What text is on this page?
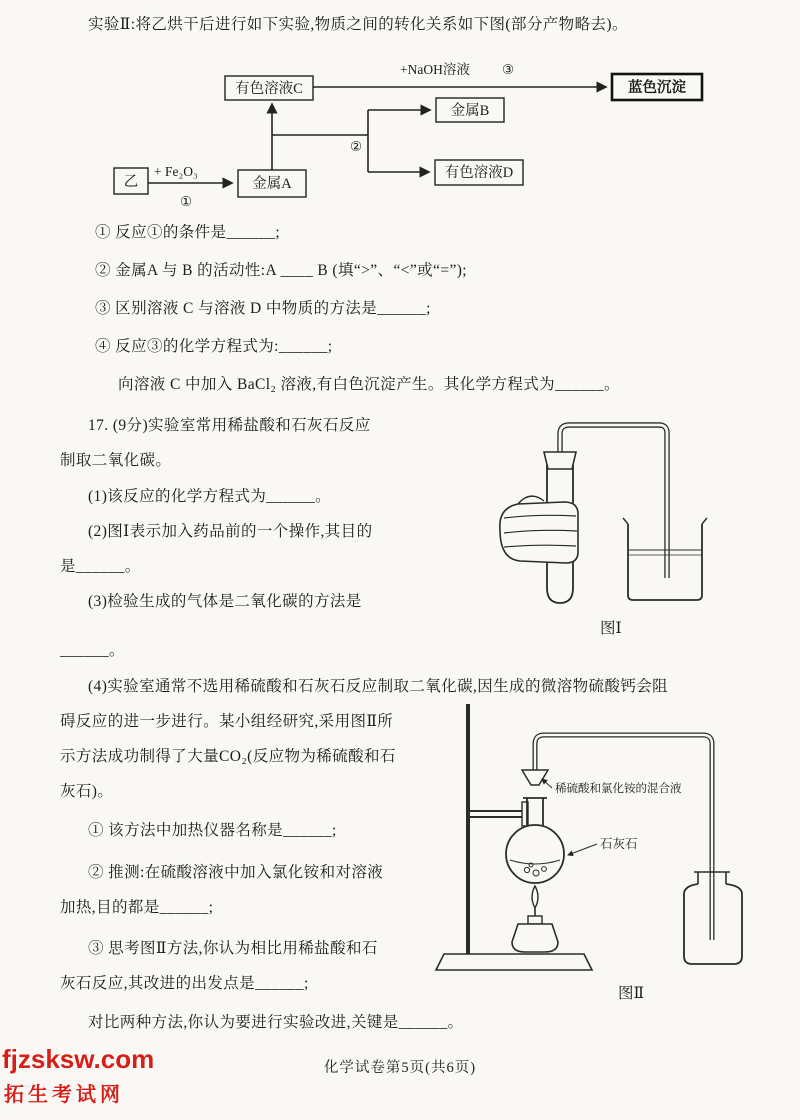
实验Ⅱ:将乙烘干后进行如下实验,物质之间的转化关系如下图(部分产物略去)。
有色溶液C	蓝色沉淀
金属B
有色溶液D
乙	金属A
+NaOH溶液 ③
+ Fe₂O₃
①
②
① 反应①的条件是______;
② 金属A 与 B 的活动性:A ____ B (填“>”、“<”或“=”);
③ 区别溶液 C 与溶液 D 中物质的方法是______;
④ 反应③的化学方程式为:______;
向溶液 C 中加入 BaCl₂ 溶液,有白色沉淀产生。其化学方程式为______。
17. (9分)实验室常用稀盐酸和石灰石反应
制取二氧化碳。
(1)该反应的化学方程式为______。
(2)图Ⅰ表示加入药品前的一个操作,其目的
是______。
(3)检验生成的气体是二氧化碳的方法是
______。
(4)实验室通常不选用稀硫酸和石灰石反应制取二氧化碳,因生成的微溶物硫酸钙会阻
碍反应的进一步进行。某小组经研究,采用图Ⅱ所
示方法成功制得了大量CO₂(反应物为稀硫酸和石
灰石)。
① 该方法中加热仪器名称是______;
② 推测:在硫酸溶液中加入氯化铵和对溶液
加热,目的都是______;
③ 思考图Ⅱ方法,你认为相比用稀盐酸和石
灰石反应,其改进的出发点是______;
对比两种方法,你认为要进行实验改进,关键是______。
图Ⅰ
稀硫酸和氯化铵的混合液
石灰石
图Ⅱ
化学试卷第5页(共6页)
fjzsksw.com
拓生考试网
